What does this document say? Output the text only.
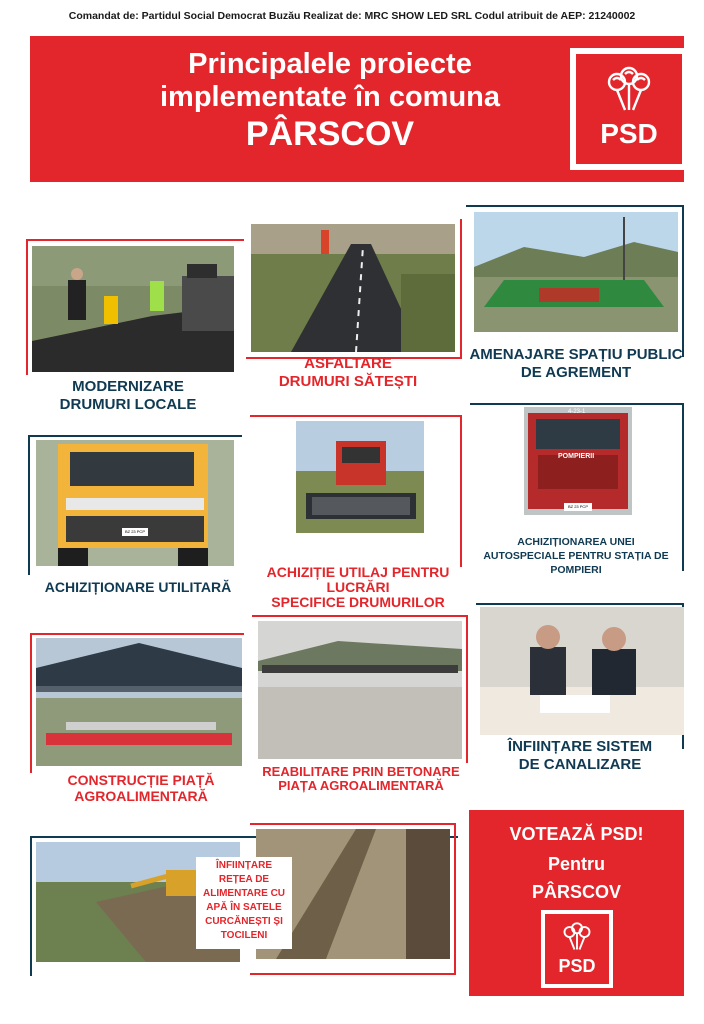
Comandat de: Partidul Social Democrat Buzău Realizat de: MRC SHOW LED SRL Codul atribuit de AEP: 21240002
Principalele proiecte
implementate în comuna
PÂRSCOV	PSD
MODERNIZARE
DRUMURI LOCALE
ASFALTARE
DRUMURI SĂTEȘTI
AMENAJARE SPAȚIU PUBLIC
DE AGREMENT
BZ 23 PCP
ACHIZIȚIONARE UTILITARĂ
ACHIZIȚIE UTILAJ PENTRU LUCRĂRI
SPECIFICE DRUMURILOR
4-23-1
POMPIERII
BZ 23 PCP
ACHIZIȚIONAREA UNEI
AUTOSPECIALE PENTRU STAȚIA DE
POMPIERI
CONSTRUCȚIE PIAȚĂ
AGROALIMENTARĂ
REABILITARE PRIN BETONARE
PIAȚA AGROALIMENTARĂ
ÎNFIINȚARE SISTEM
DE CANALIZARE
ÎNFIINȚARE
REȚEA DE
ALIMENTARE CU
APĂ ÎN SATELE
CURCĂNEȘTI ȘI
TOCILENI
VOTEAZĂ PSD!
Pentru
PÂRSCOV
PSD
